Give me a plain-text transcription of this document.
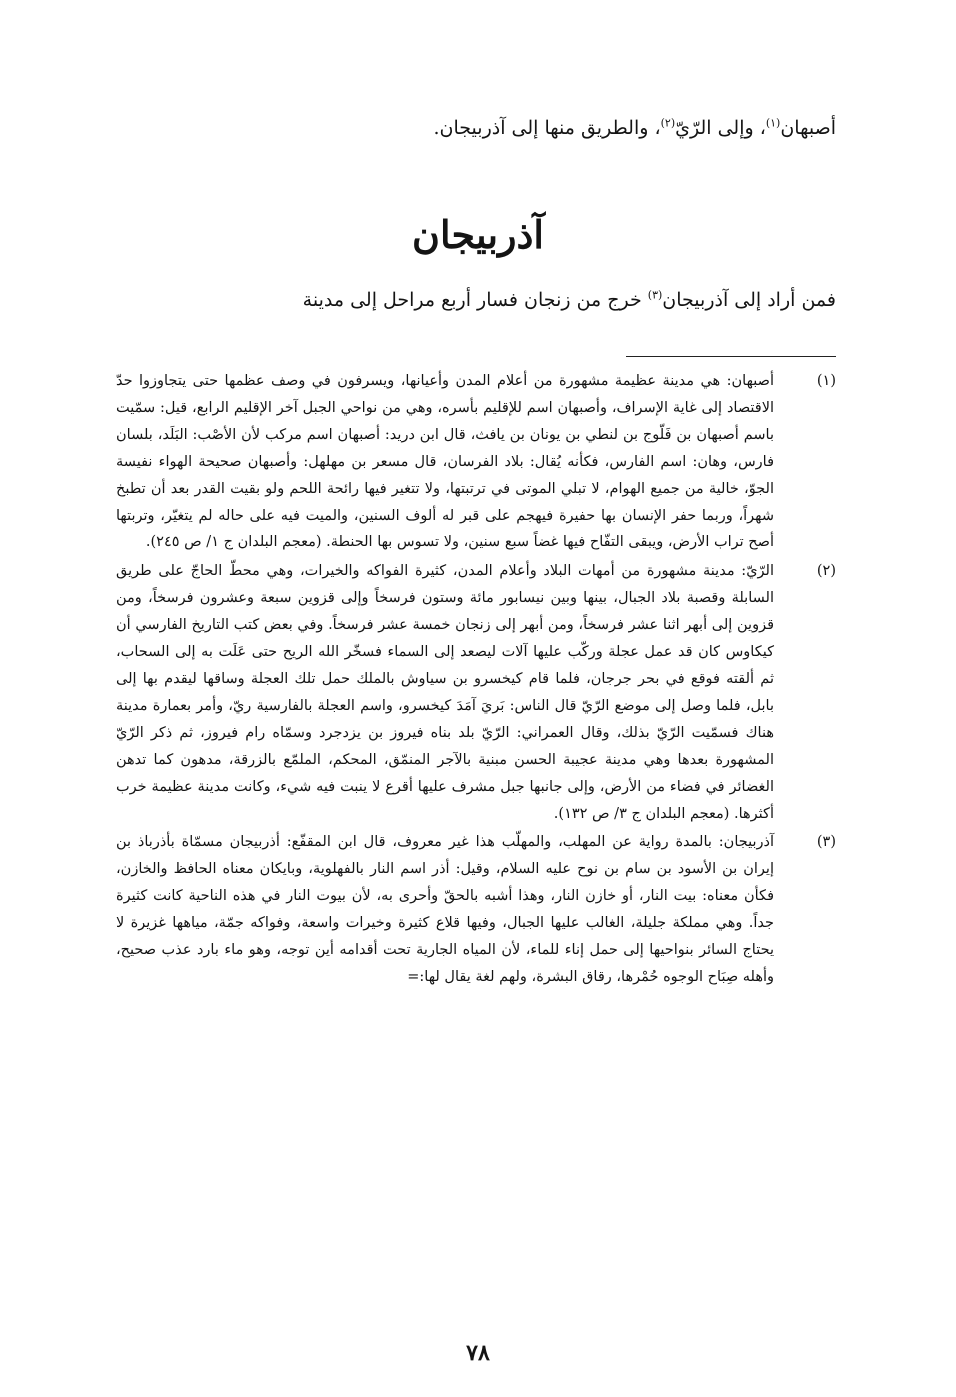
أصبهان$^{(١)}$، وإلى الرّيّ$^{(٢)}$، والطريق منها إلى آذربيجان.
آذربيجان
فمن أراد إلى آذربيجان$^{(٣)}$ خرج من زنجان فسار أربع مراحل إلى مدينة
(١)
أصبهان: هي مدينة عظيمة مشهورة من أعلام المدن وأعيانها، ويسرفون في وصف عظمها حتى يتجاوزوا حدّ الاقتصاد إلى غاية الإسراف، وأصبهان اسم للإقليم بأسره، وهي من نواحي الجبل آخر الإقليم الرابع، قيل: سمّيت باسم أصبهان بن فَلّوج بن لنطي بن يونان بن يافث، قال ابن دريد: أصبهان اسم مركب لأن الأصْب: البَلَد، بلسان فارس، وهان: اسم الفارس، فكأنه يُقال: بلاد الفرسان، قال مسعر بن مهلهل: وأصبهان صحيحة الهواء نفيسة الجوّ، خالية من جميع الهوام، لا تبلي الموتى في ترتبتها، ولا تتغير فيها رائحة اللحم ولو بقيت القدر بعد أن تطبخ شهراً، وربما حفر الإنسان بها حفيرة فيهجم على قبر له ألوف السنين، والميت فيه على حاله لم يتغيّر، وتربتها أصح تراب الأرض، ويبقى التفّاح فيها غضاً سبع سنين، ولا تسوس بها الحنطة. (معجم البلدان ج ١/ ص ٢٤٥).
(٢)
الرّيّ: مدينة مشهورة من أمهات البلاد وأعلام المدن، كثيرة الفواكه والخيرات، وهي محطّ الحاجّ على طريق السابلة وقصبة بلاد الجبال، بينها وبين نيسابور مائة وستون فرسخاً وإلى قزوين سبعة وعشرون فرسخاً، ومن قزوين إلى أبهر اثنا عشر فرسخاً، ومن أبهر إلى زنجان خمسة عشر فرسخاً. وفي بعض كتب التاريخ الفارسي أن كيكاوس كان قد عمل عجلة وركّب عليها آلات ليصعد إلى السماء فسخّر الله الريح حتى عَلَت به إلى السحاب، ثم ألقته فوقع في بحر جرجان، فلما قام كيخسرو بن سياوش بالملك حمل تلك العجلة وساقها ليقدم بها إلى بابل، فلما وصل إلى موضع الرّيّ قال الناس: بَريَ آمَدَ كيخسرو، واسم العجلة بالفارسية ريّ، وأمر بعمارة مدينة هناك فسمّيت الرّيّ بذلك، وقال العمراني: الرّيّ بلد بناه فيروز بن يزدجرد وسمّاه رام فيروز، ثم ذكر الرّيّ المشهورة بعدها وهي مدينة عجيبة الحسن مبنية بالآجر المنمّق، المحكم، الملمّع بالزرقة، مدهون كما تدهن الغضائر في فضاء من الأرض، وإلى جانبها جبل مشرف عليها أقرع لا ينبت فيه شيء، وكانت مدينة عظيمة خرب أكثرها. (معجم البلدان ج ٣/ ص ١٣٢).
(٣)
آذربيجان: بالمدة رواية عن المهلب، والمهلّب هذا غير معروف، قال ابن المقفّع: أذربيجان مسمّاة بأذرباذ بن إيران بن الأسود بن سام بن نوح عليه السلام، وقيل: أذر اسم النار بالفهلوية، وبايكان معناه الحافظ والخازن، فكأن معناه: بيت النار، أو خازن النار، وهذا أشبه بالحقّ وأحرى به، لأن بيوت النار في هذه الناحية كانت كثيرة جداً. وهي مملكة جليلة، الغالب عليها الجبال، وفيها قلاع كثيرة وخيرات واسعة، وفواكه جمّة، مياهها غزيرة لا يحتاج السائر بنواحيها إلى حمل إناء للماء، لأن المياه الجارية تحت أقدامه أين توجه، وهو ماء بارد عذب صحيح، وأهله صِبَاح الوجوه حُمْرها، رقاق البشرة، ولهم لغة يقال لها:=
٧٨
